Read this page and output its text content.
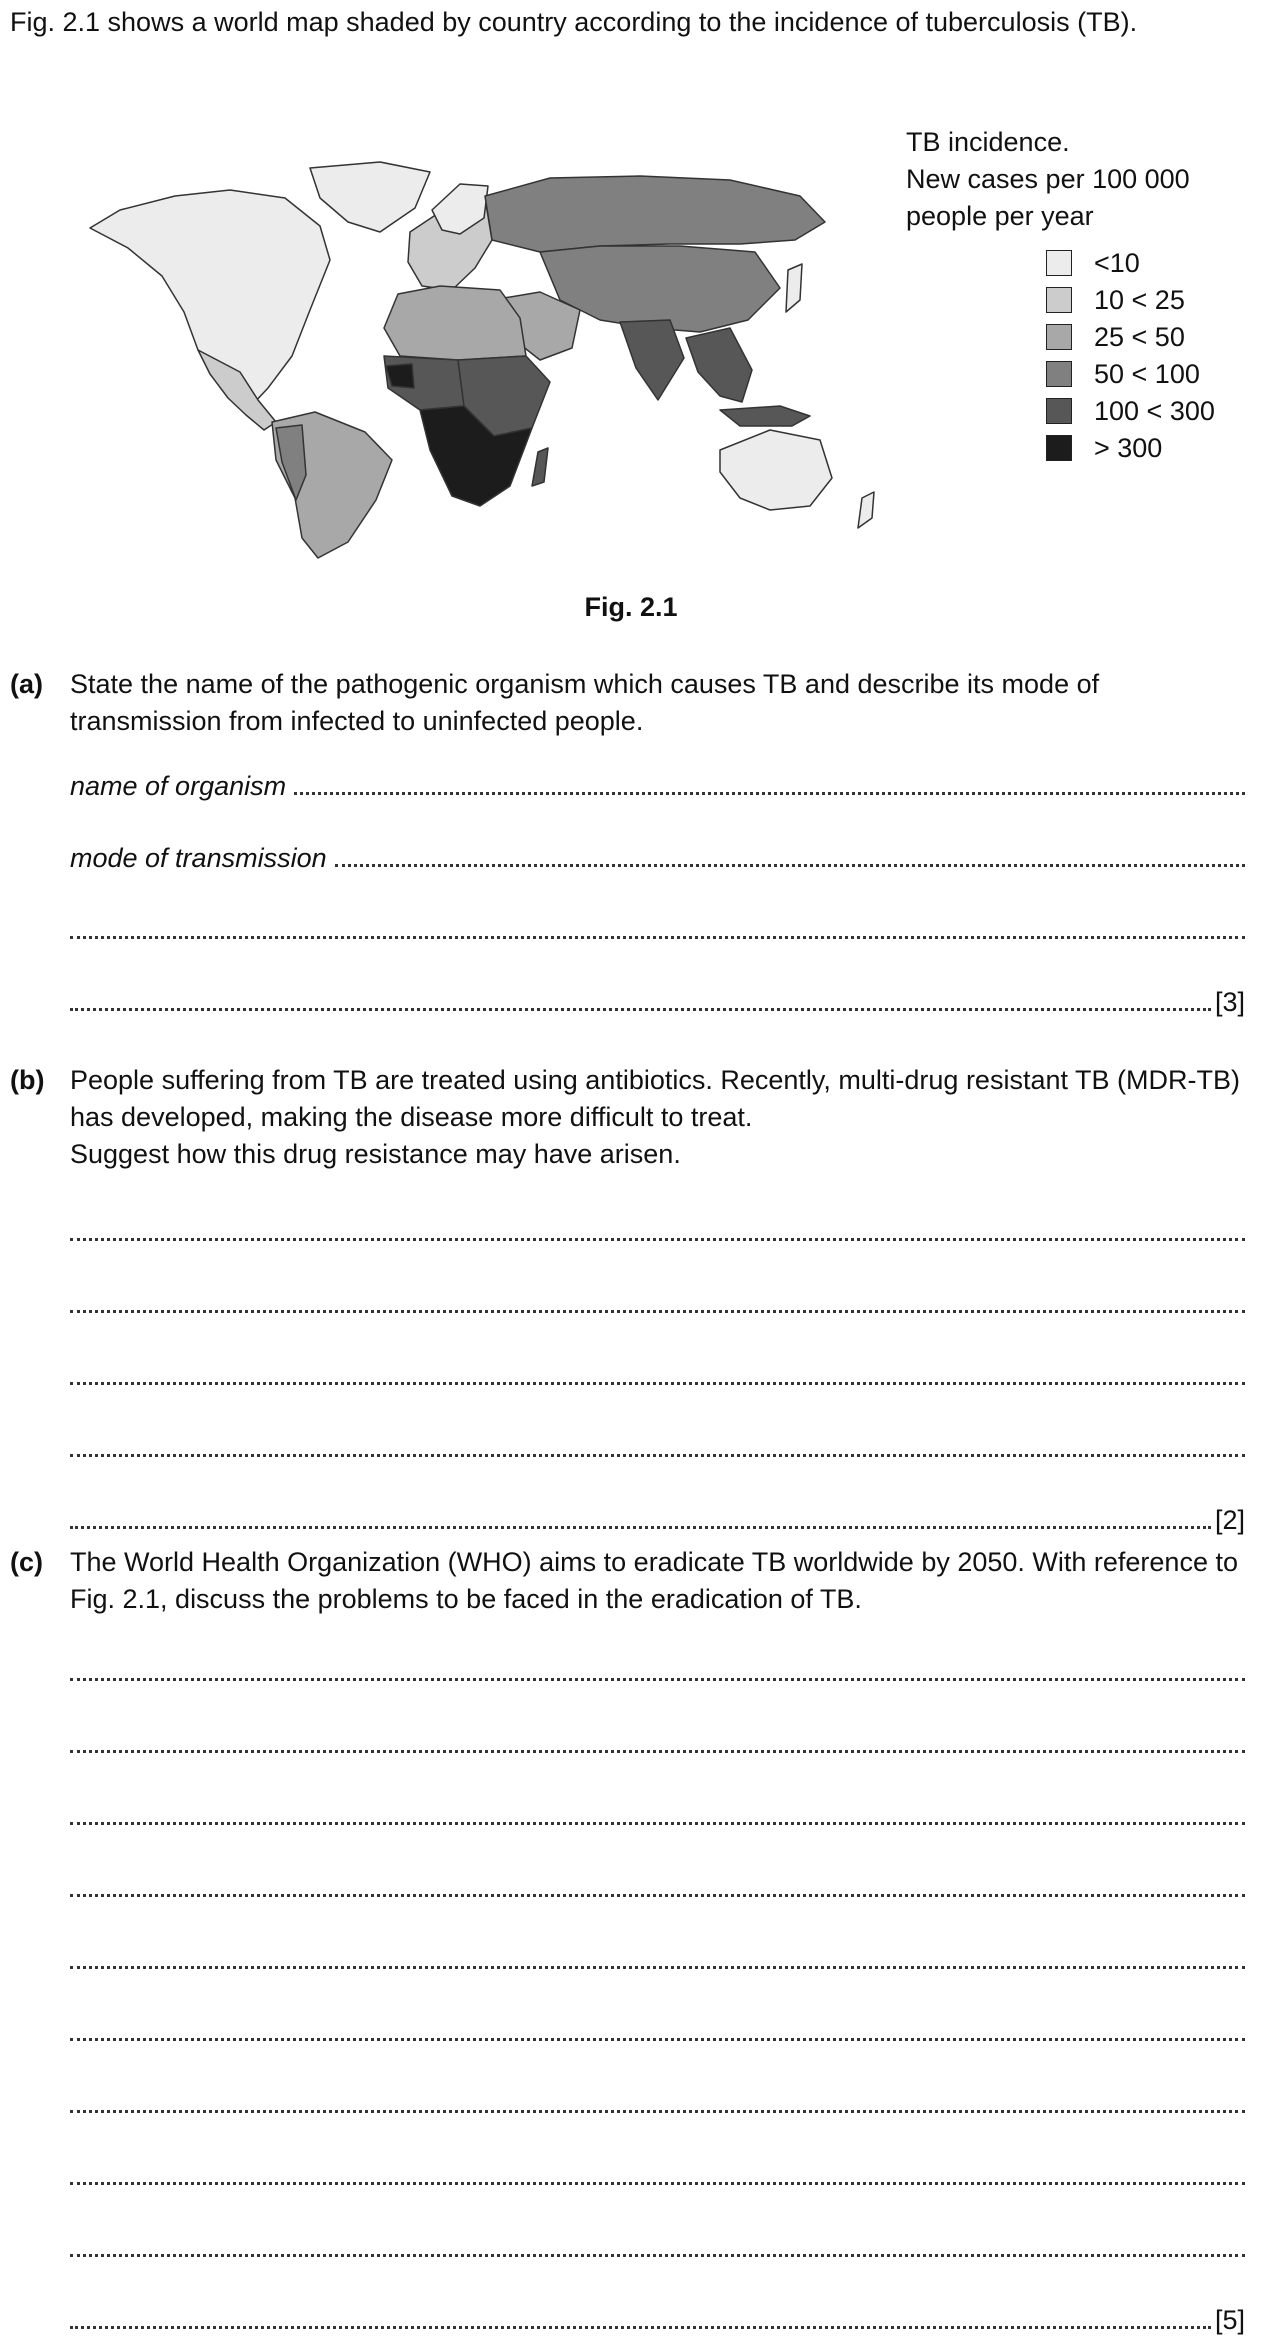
Fig. 2.1 shows a world map shaded by country according to the incidence of tuberculosis (TB).
TB incidence.
New cases per 100 000
people per year
<10
10 < 25
25 < 50
50 < 100
100 < 300
> 300
Fig. 2.1
(a) State the name of the pathogenic organism which causes TB and describe its mode of transmission from infected to uninfected people.
name of organism
mode of transmission
[3]
(b) People suffering from TB are treated using antibiotics. Recently, multi-drug resistant TB (MDR-TB) has developed, making the disease more difficult to treat.
Suggest how this drug resistance may have arisen.
[2]
(c) The World Health Organization (WHO) aims to eradicate TB worldwide by 2050. With reference to Fig. 2.1, discuss the problems to be faced in the eradication of TB.
[5]
